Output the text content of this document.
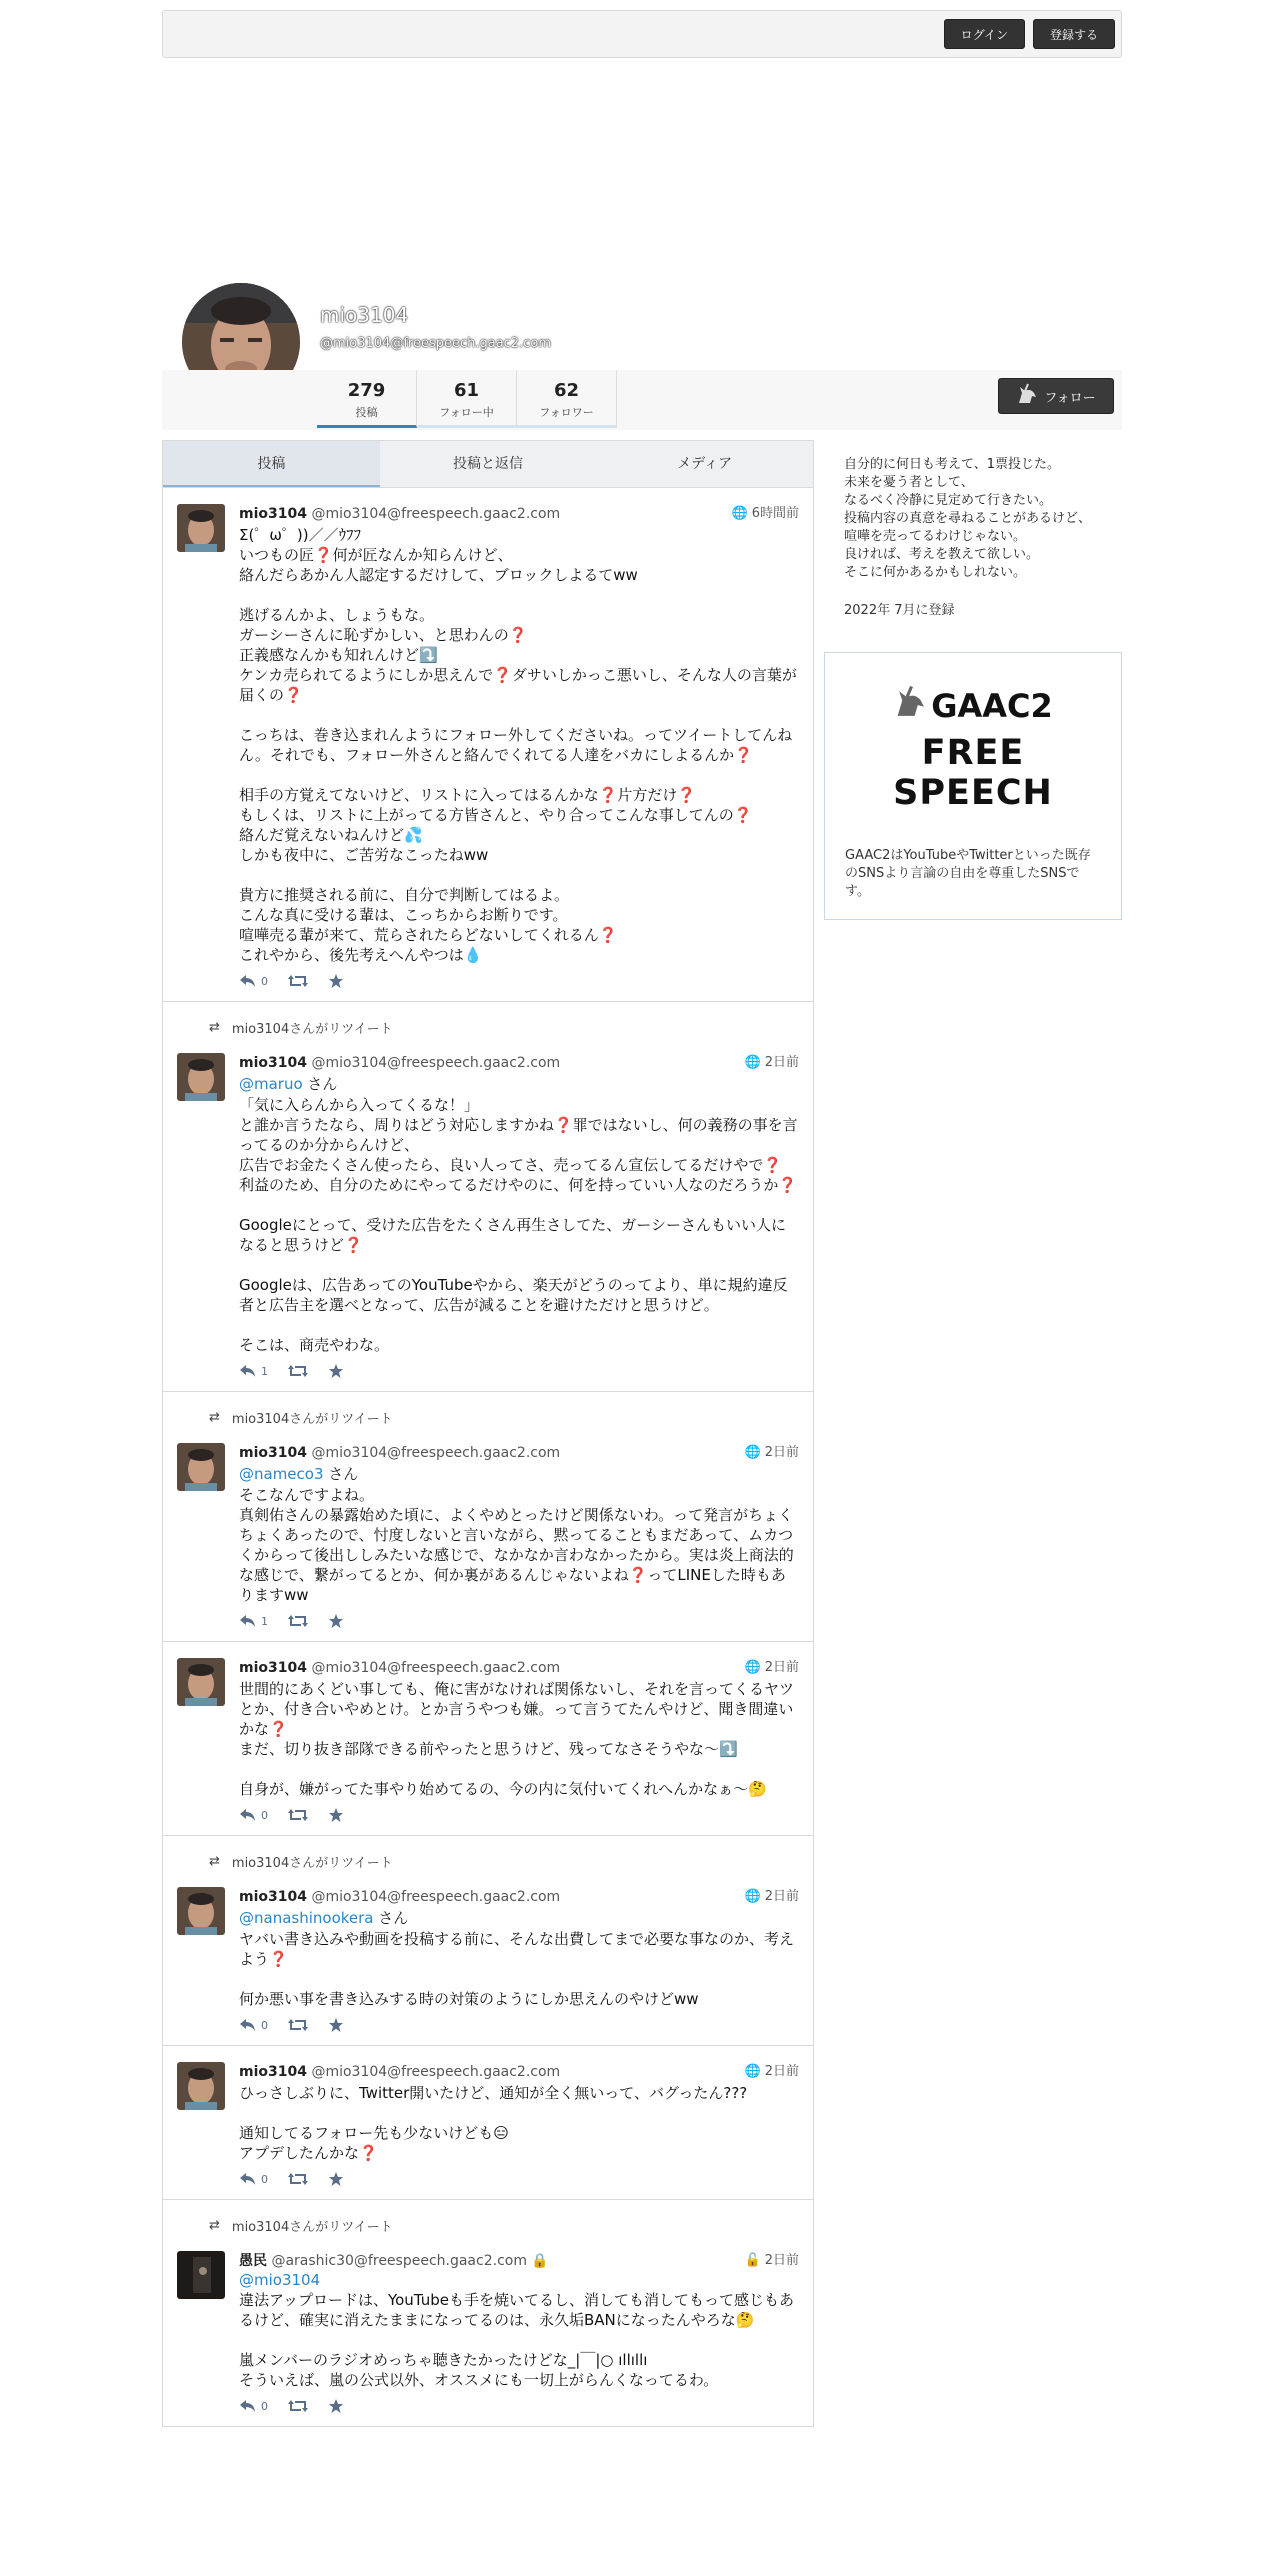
ログイン	登録する
mio3104
@mio3104@freespeech.gaac2.com
279
投稿
61
フォロー中
62
フォロワー
フォロー
投稿	投稿と返信	メディア
mio3104 @mio3104@freespeech.gaac2.com	🌐 6時間前
Σ(゜ω゜))／／ｳﾌﾌ
いつもの匠❓何が匠なんか知らんけど、
絡んだらあかん人認定するだけして、ブロックしよるてww

逃げるんかよ、しょうもな。
ガーシーさんに恥ずかしい、と思わんの❓
正義感なんかも知れんけど⤵️
ケンカ売られてるようにしか思えんで❓ダサいしかっこ悪いし、そんな人の言葉が届くの❓

こっちは、巻き込まれんようにフォロー外してくださいね。ってツイートしてんねん。それでも、フォロー外さんと絡んでくれてる人達をバカにしよるんか❓

相手の方覚えてないけど、リストに入ってはるんかな❓片方だけ❓
もしくは、リストに上がってる方皆さんと、やり合ってこんな事してんの❓
絡んだ覚えないねんけど💦
しかも夜中に、ご苦労なこったねww

貴方に推奨される前に、自分で判断してはるよ。
こんな真に受ける輩は、こっちからお断りです。
喧嘩売る輩が来て、荒らされたらどないしてくれるん❓
これやから、後先考えへんやつは💧
0
⇄ mio3104さんがリツイート
mio3104 @mio3104@freespeech.gaac2.com	🌐 2日前
@maruo さん
「気に入らんから入ってくるな！」
と誰か言うたなら、周りはどう対応しますかね❓罪ではないし、何の義務の事を言ってるのか分からんけど、
広告でお金たくさん使ったら、良い人ってさ、売ってるん宣伝してるだけやで❓
利益のため、自分のためにやってるだけやのに、何を持っていい人なのだろうか❓

Googleにとって、受けた広告をたくさん再生さしてた、ガーシーさんもいい人になると思うけど❓

Googleは、広告あってのYouTubeやから、楽天がどうのってより、単に規約違反者と広告主を選べとなって、広告が減ることを避けただけと思うけど。

そこは、商売やわな。
1
⇄ mio3104さんがリツイート
mio3104 @mio3104@freespeech.gaac2.com	🌐 2日前
@nameco3 さん
そこなんですよね。
真剣佑さんの暴露始めた頃に、よくやめとったけど関係ないわ。って発言がちょくちょくあったので、忖度しないと言いながら、黙ってることもまだあって、ムカつくからって後出ししみたいな感じで、なかなか言わなかったから。実は炎上商法的な感じで、繋がってるとか、何か裏があるんじゃないよね❓ってLINEした時もありますww
1
mio3104 @mio3104@freespeech.gaac2.com	🌐 2日前
世間的にあくどい事しても、俺に害がなければ関係ないし、それを言ってくるヤツとか、付き合いやめとけ。とか言うやつも嫌。って言うてたんやけど、聞き間違いかな❓
まだ、切り抜き部隊できる前やったと思うけど、残ってなさそうやな〜⤵️

自身が、嫌がってた事やり始めてるの、今の内に気付いてくれへんかなぁ〜🤔
0
⇄ mio3104さんがリツイート
mio3104 @mio3104@freespeech.gaac2.com	🌐 2日前
@nanashinookera さん
ヤバい書き込みや動画を投稿する前に、そんな出費してまで必要な事なのか、考えよう❓

何か悪い事を書き込みする時の対策のようにしか思えんのやけどww
0
mio3104 @mio3104@freespeech.gaac2.com	🌐 2日前
ひっさしぶりに、Twitter開いたけど、通知が全く無いって、バグったん???

通知してるフォロー先も少ないけども😑
アプデしたんかな❓
0
⇄ mio3104さんがリツイート
愚民 @arashic30@freespeech.gaac2.com 🔒	🔓 2日前
@mio3104
違法アップロードは、YouTubeも手を焼いてるし、消しても消してもって感じもあるけど、確実に消えたままになってるのは、永久垢BANになったんやろな🤔

嵐メンバーのラジオめっちゃ聴きたかったけどな_|￣|○ ıllıllı
そういえば、嵐の公式以外、オススメにも一切上がらんくなってるわ。
0
自分的に何日も考えて、1票投じた。
未来を憂う者として、
なるべく冷静に見定めて行きたい。
投稿内容の真意を尋ねることがあるけど、喧嘩を売ってるわけじゃない。
良ければ、考えを教えて欲しい。
そこに何かあるかもしれない。
2022年 7月に登録
GAAC2
FREE SPEECH
GAAC2はYouTubeやTwitterといった既存のSNSより言論の自由を尊重したSNSです。
